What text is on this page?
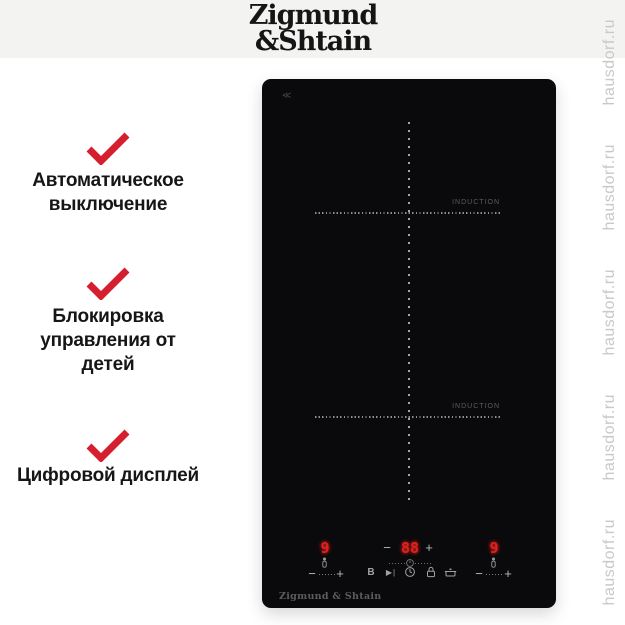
Zigmund
&Shtain
Автоматическое выключение
Блокировка управления от детей
Цифровой дисплей
≪
INDUCTION
INDUCTION
9	88	9
−	+
− +	B	▶|	− +
Zigmund & Shtain
hausdorf.ru
hausdorf.ru
hausdorf.ru
hausdorf.ru
hausdorf.ru
